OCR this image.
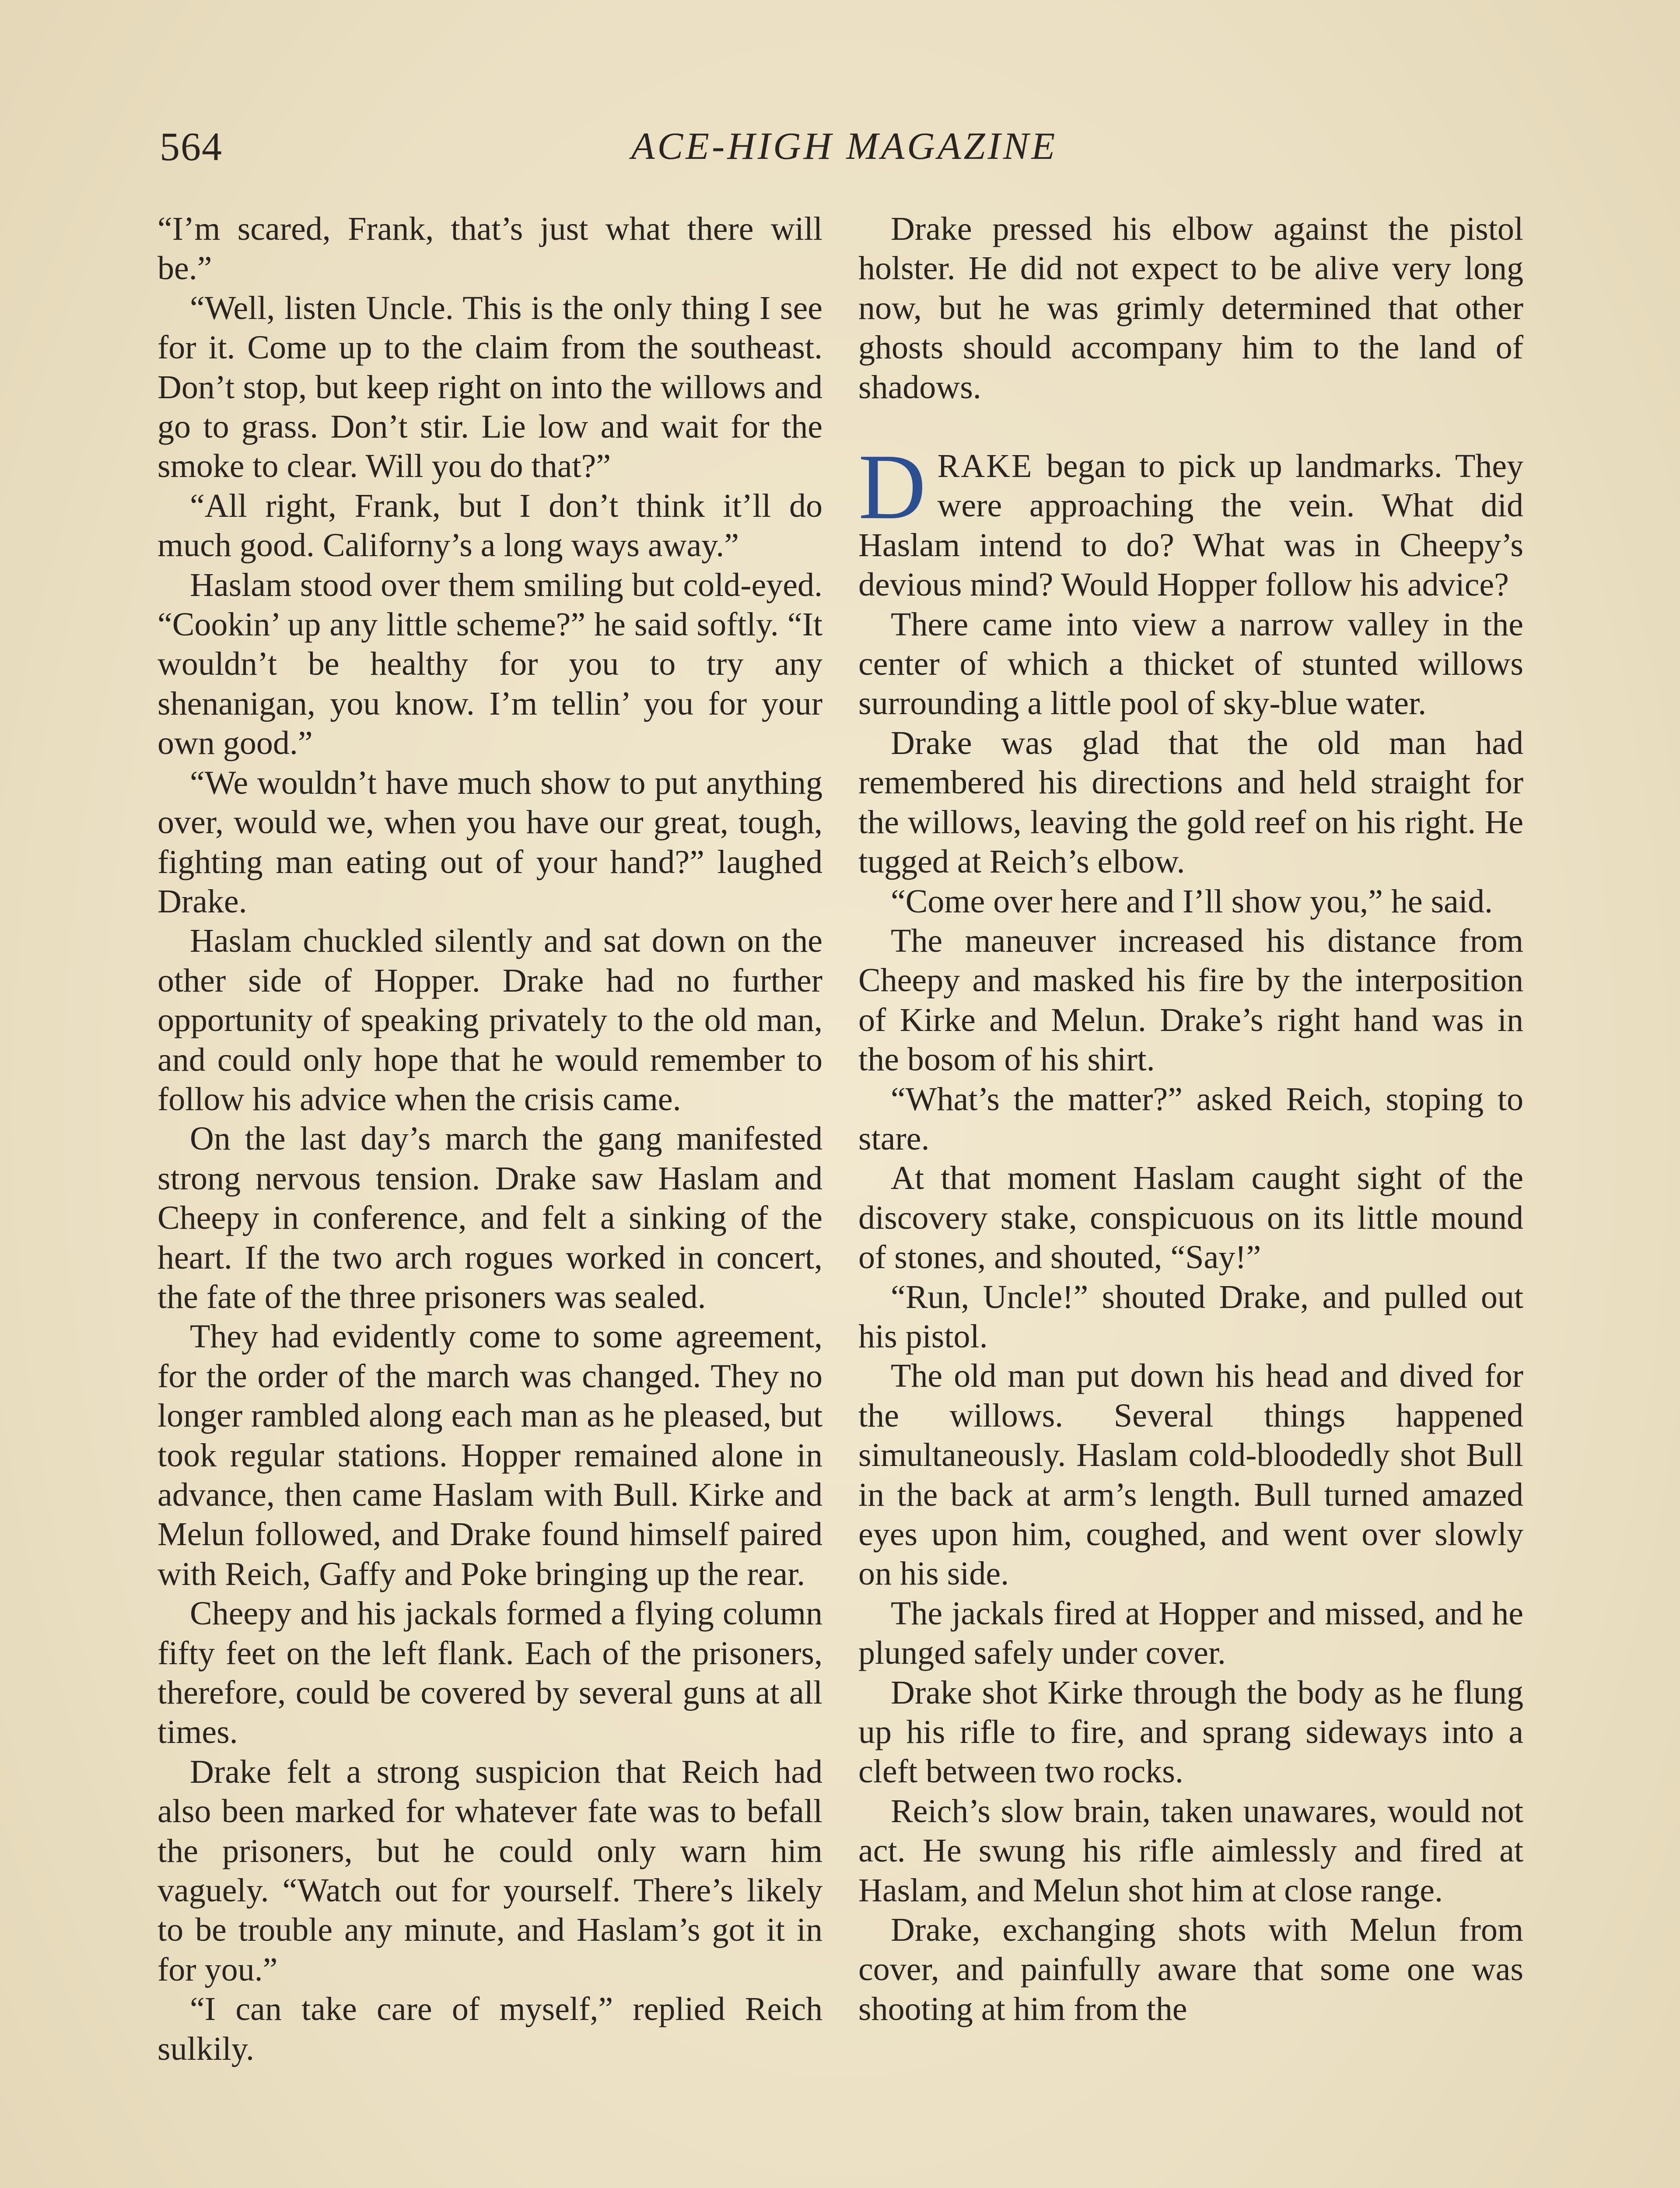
564	ACE-HIGH MAGAZINE

“I’m scared, Frank, that’s just what there will be.”

“Well, listen Uncle. This is the only thing I see for it. Come up to the claim from the southeast. Don’t stop, but keep right on into the willows and go to grass. Don’t stir. Lie low and wait for the smoke to clear. Will you do that?”

“All right, Frank, but I don’t think it’ll do much good. Californy’s a long ways away.”

Haslam stood over them smiling but cold-eyed. “Cookin’ up any little scheme?” he said softly. “It wouldn’t be healthy for you to try any shenanigan, you know. I’m tellin’ you for your own good.”

“We wouldn’t have much show to put anything over, would we, when you have our great, tough, fighting man eating out of your hand?” laughed Drake.

Haslam chuckled silently and sat down on the other side of Hopper. Drake had no further opportunity of speaking privately to the old man, and could only hope that he would remember to follow his advice when the crisis came.

On the last day’s march the gang manifested strong nervous tension. Drake saw Haslam and Cheepy in conference, and felt a sinking of the heart. If the two arch rogues worked in concert, the fate of the three prisoners was sealed.

They had evidently come to some agreement, for the order of the march was changed. They no longer rambled along each man as he pleased, but took regular stations. Hopper remained alone in advance, then came Haslam with Bull. Kirke and Melun followed, and Drake found himself paired with Reich, Gaffy and Poke bringing up the rear.

Cheepy and his jackals formed a flying column fifty feet on the left flank. Each of the prisoners, therefore, could be covered by several guns at all times.

Drake felt a strong suspicion that Reich had also been marked for whatever fate was to befall the prisoners, but he could only warn him vaguely. “Watch out for yourself. There’s likely to be trouble any minute, and Haslam’s got it in for you.”

“I can take care of myself,” replied Reich sulkily.

Drake pressed his elbow against the pistol holster. He did not expect to be alive very long now, but he was grimly determined that other ghosts should accompany him to the land of shadows.

DRAKE began to pick up landmarks. They were approaching the vein. What did Haslam intend to do? What was in Cheepy’s devious mind? Would Hopper follow his advice?

There came into view a narrow valley in the center of which a thicket of stunted willows surrounding a little pool of sky-blue water.

Drake was glad that the old man had remembered his directions and held straight for the willows, leaving the gold reef on his right. He tugged at Reich’s elbow.

“Come over here and I’ll show you,” he said.

The maneuver increased his distance from Cheepy and masked his fire by the interposition of Kirke and Melun. Drake’s right hand was in the bosom of his shirt.

“What’s the matter?” asked Reich, stoping to stare.

At that moment Haslam caught sight of the discovery stake, conspicuous on its little mound of stones, and shouted, “Say!”

“Run, Uncle!” shouted Drake, and pulled out his pistol.

The old man put down his head and dived for the willows. Several things happened simultaneously. Haslam cold-bloodedly shot Bull in the back at arm’s length. Bull turned amazed eyes upon him, coughed, and went over slowly on his side.

The jackals fired at Hopper and missed, and he plunged safely under cover.

Drake shot Kirke through the body as he flung up his rifle to fire, and sprang sideways into a cleft between two rocks.

Reich’s slow brain, taken unawares, would not act. He swung his rifle aimlessly and fired at Haslam, and Melun shot him at close range.

Drake, exchanging shots with Melun from cover, and painfully aware that some one was shooting at him from the
